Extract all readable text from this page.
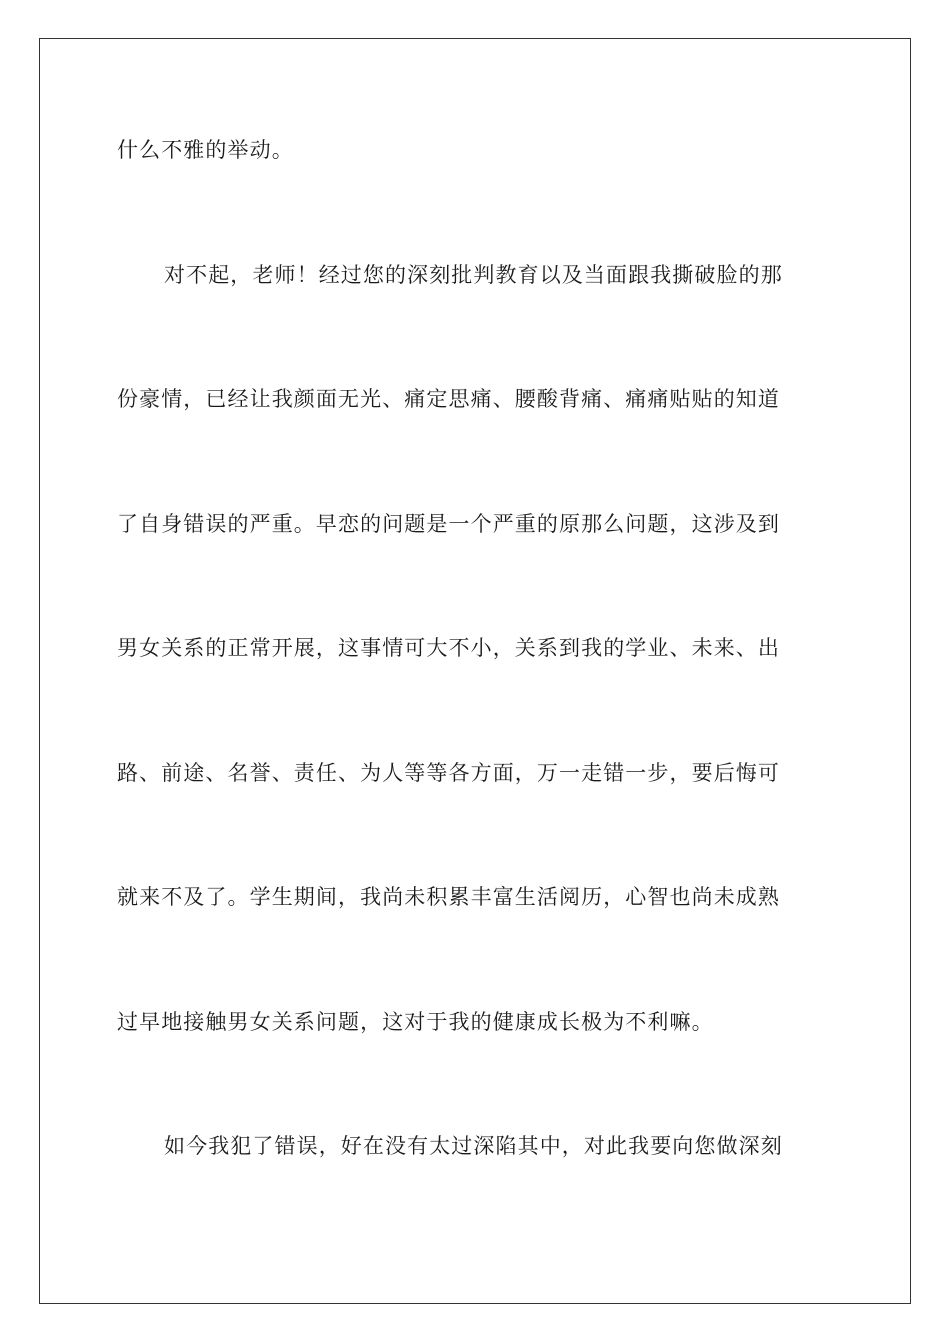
什么不雅的举动。
对不起，老师！经过您的深刻批判教育以及当面跟我撕破脸的那
份豪情，已经让我颜面无光、痛定思痛、腰酸背痛、痛痛贴贴的知道
了自身错误的严重。早恋的问题是一个严重的原那么问题，这涉及到
男女关系的正常开展，这事情可大不小，关系到我的学业、未来、出
路、前途、名誉、责任、为人等等各方面，万一走错一步，要后悔可
就来不及了。学生期间，我尚未积累丰富生活阅历，心智也尚未成熟
过早地接触男女关系问题，这对于我的健康成长极为不利嘛。
如今我犯了错误，好在没有太过深陷其中，对此我要向您做深刻
